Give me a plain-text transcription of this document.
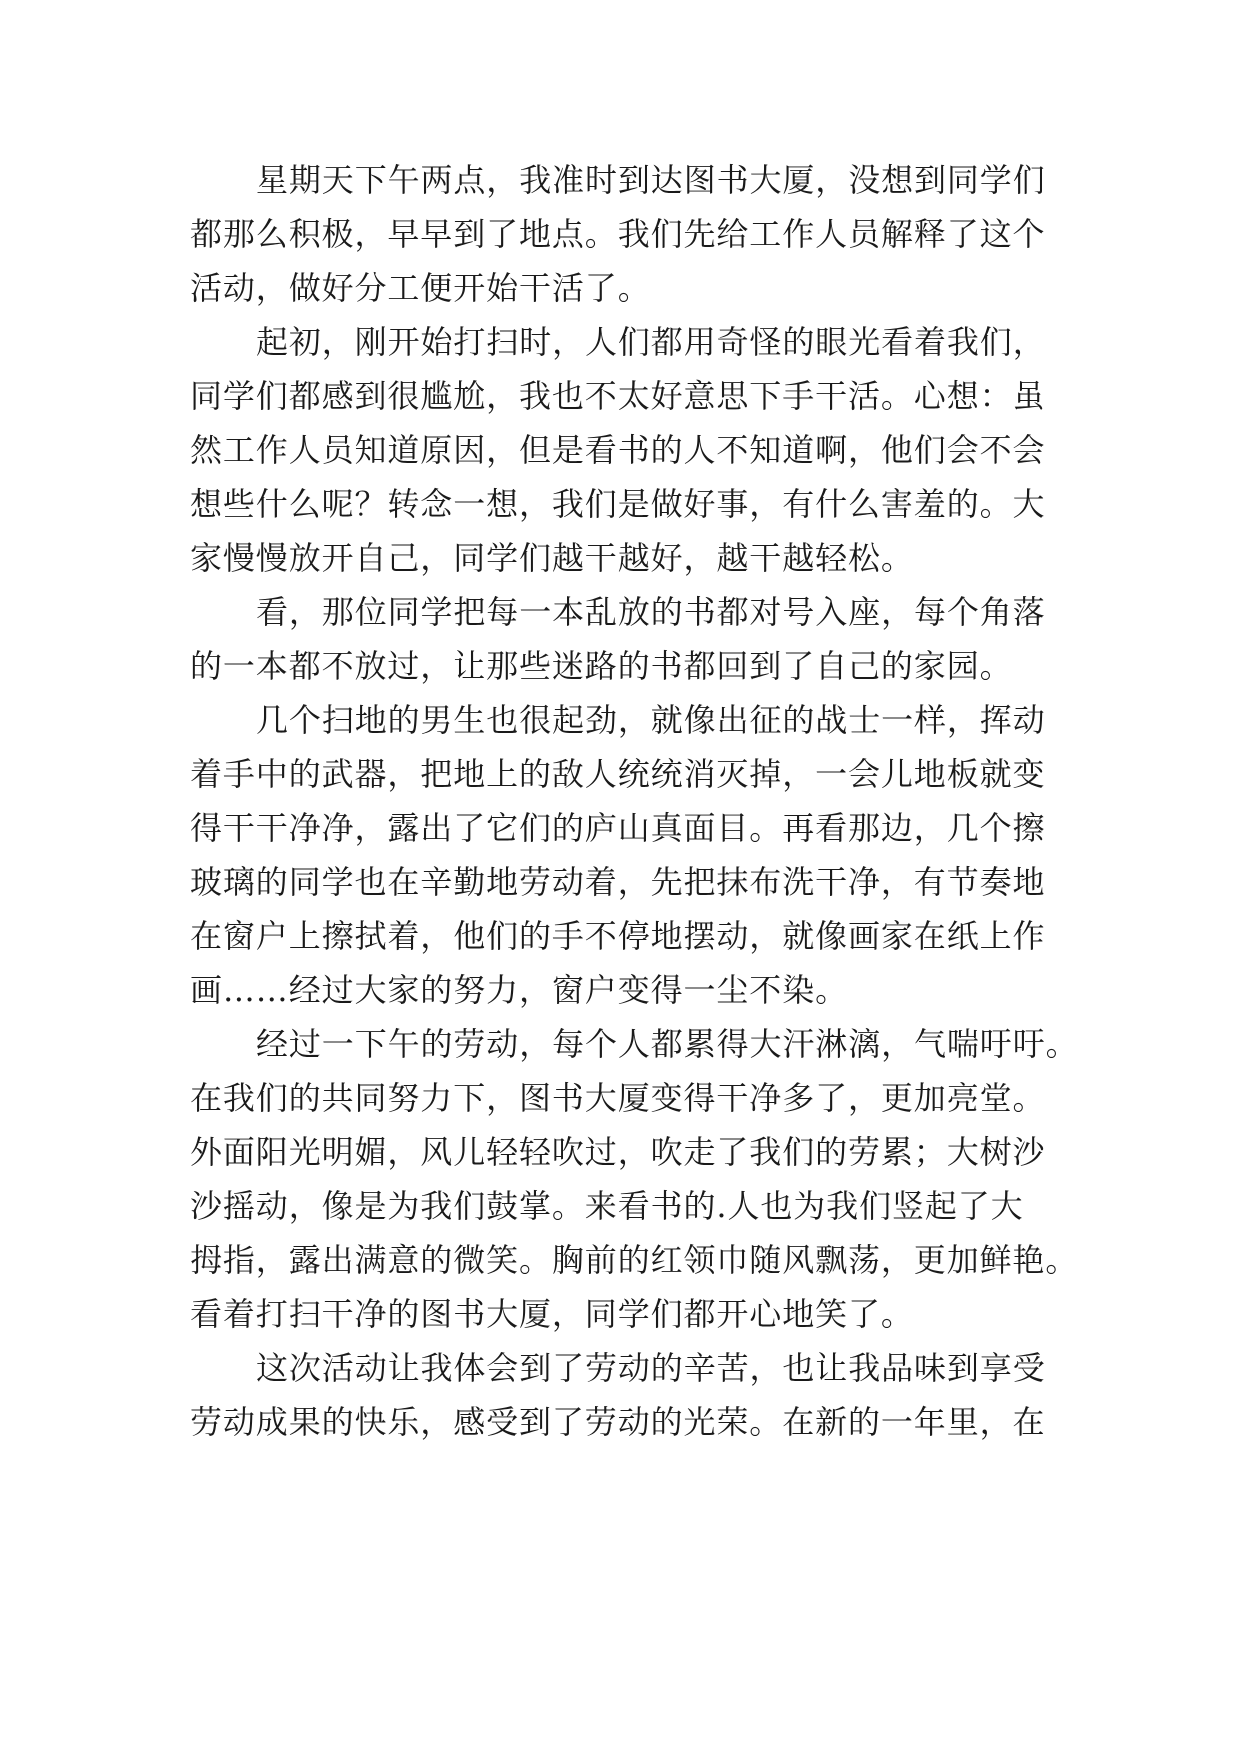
星期天下午两点，我准时到达图书大厦，没想到同学们
都那么积极，早早到了地点。我们先给工作人员解释了这个
活动，做好分工便开始干活了。
起初，刚开始打扫时，人们都用奇怪的眼光看着我们，
同学们都感到很尴尬，我也不太好意思下手干活。心想：虽
然工作人员知道原因，但是看书的人不知道啊，他们会不会
想些什么呢？转念一想，我们是做好事，有什么害羞的。大
家慢慢放开自己，同学们越干越好，越干越轻松。
看，那位同学把每一本乱放的书都对号入座，每个角落
的一本都不放过，让那些迷路的书都回到了自己的家园。
几个扫地的男生也很起劲，就像出征的战士一样，挥动
着手中的武器，把地上的敌人统统消灭掉，一会儿地板就变
得干干净净，露出了它们的庐山真面目。再看那边，几个擦
玻璃的同学也在辛勤地劳动着，先把抹布洗干净，有节奏地
在窗户上擦拭着，他们的手不停地摆动，就像画家在纸上作
画……经过大家的努力，窗户变得一尘不染。
经过一下午的劳动，每个人都累得大汗淋漓，气喘吁吁。
在我们的共同努力下，图书大厦变得干净多了，更加亮堂。
外面阳光明媚，风儿轻轻吹过，吹走了我们的劳累；大树沙
沙摇动，像是为我们鼓掌。来看书的.人也为我们竖起了大
拇指，露出满意的微笑。胸前的红领巾随风飘荡，更加鲜艳。
看着打扫干净的图书大厦，同学们都开心地笑了。
这次活动让我体会到了劳动的辛苦，也让我品味到享受
劳动成果的快乐，感受到了劳动的光荣。在新的一年里，在
